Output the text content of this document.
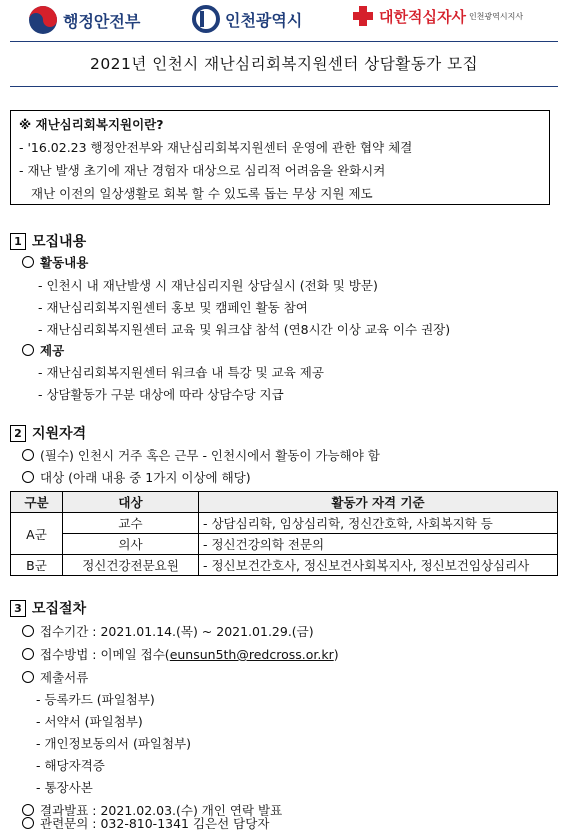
행정안전부	인천광역시	대한적십자사 인천광역시지사
2021년 인천시 재난심리회복지원센터 상담활동가 모집
※ 재난심리회복지원이란?
- '16.02.23 행정안전부와 재난심리회복지원센터 운영에 관한 협약 체결
- 재난 발생 초기에 재난 경험자 대상으로 심리적 어려움을 완화시켜
재난 이전의 일상생활로 회복 할 수 있도록 돕는 무상 지원 제도
1 모집내용
활동내용
- 인천시 내 재난발생 시 재난심리지원 상담실시 (전화 및 방문)
- 재난심리회복지원센터 홍보 및 캠페인 활동 참여
- 재난심리회복지원센터 교육 및 워크샵 참석 (연8시간 이상 교육 이수 권장)
제공
- 재난심리회복지원센터 워크숍 내 특강 및 교육 제공
- 상담활동가 구분 대상에 따라 상담수당 지급
2 지원자격
(필수) 인천시 거주 혹은 근무 - 인천시에서 활동이 가능해야 함
대상 (아래 내용 중 1가지 이상에 해당)
구분	대상	활동가 자격 기준
A군	교수	- 상담심리학, 임상심리학, 정신간호학, 사회복지학 등
	의사	- 정신건강의학 전문의
B군	정신건강전문요원	- 정신보건간호사, 정신보건사회복지사, 정신보건임상심리사
3 모집절차
접수기간 : 2021.01.14.(목) ~ 2021.01.29.(금)
접수방법 : 이메일 접수(eunsun5th@redcross.or.kr)
제출서류
- 등록카드 (파일첨부)
- 서약서 (파일첨부)
- 개인정보동의서 (파일첨부)
- 해당자격증
- 통장사본
결과발표 : 2021.02.03.(수) 개인 연락 발표
관련문의 : 032-810-1341 김은선 담당자
